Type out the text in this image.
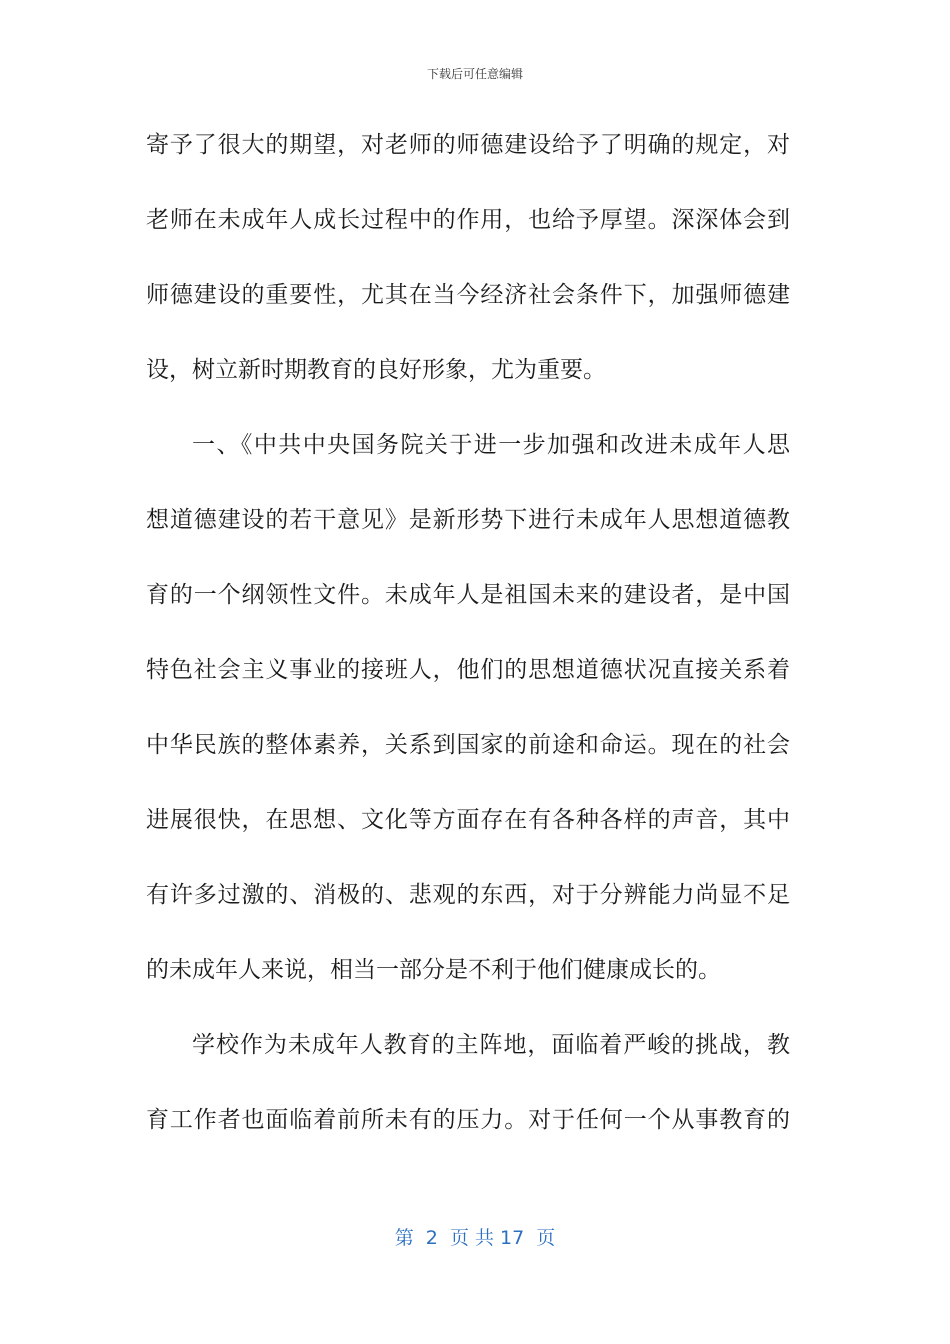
下载后可任意编辑
寄予了很大的期望，对老师的师德建设给予了明确的规定，对
老师在未成年人成长过程中的作用，也给予厚望。深深体会到
师德建设的重要性，尤其在当今经济社会条件下，加强师德建
设，树立新时期教育的良好形象，尤为重要。
一、《中共中央国务院关于进一步加强和改进未成年人思
想道德建设的若干意见》是新形势下进行未成年人思想道德教
育的一个纲领性文件。未成年人是祖国未来的建设者，是中国
特色社会主义事业的接班人，他们的思想道德状况直接关系着
中华民族的整体素养，关系到国家的前途和命运。现在的社会
进展很快，在思想、文化等方面存在有各种各样的声音，其中
有许多过激的、消极的、悲观的东西，对于分辨能力尚显不足
的未成年人来说，相当一部分是不利于他们健康成长的。
学校作为未成年人教育的主阵地，面临着严峻的挑战，教
育工作者也面临着前所未有的压力。对于任何一个从事教育的
第  2  页 共 17  页
